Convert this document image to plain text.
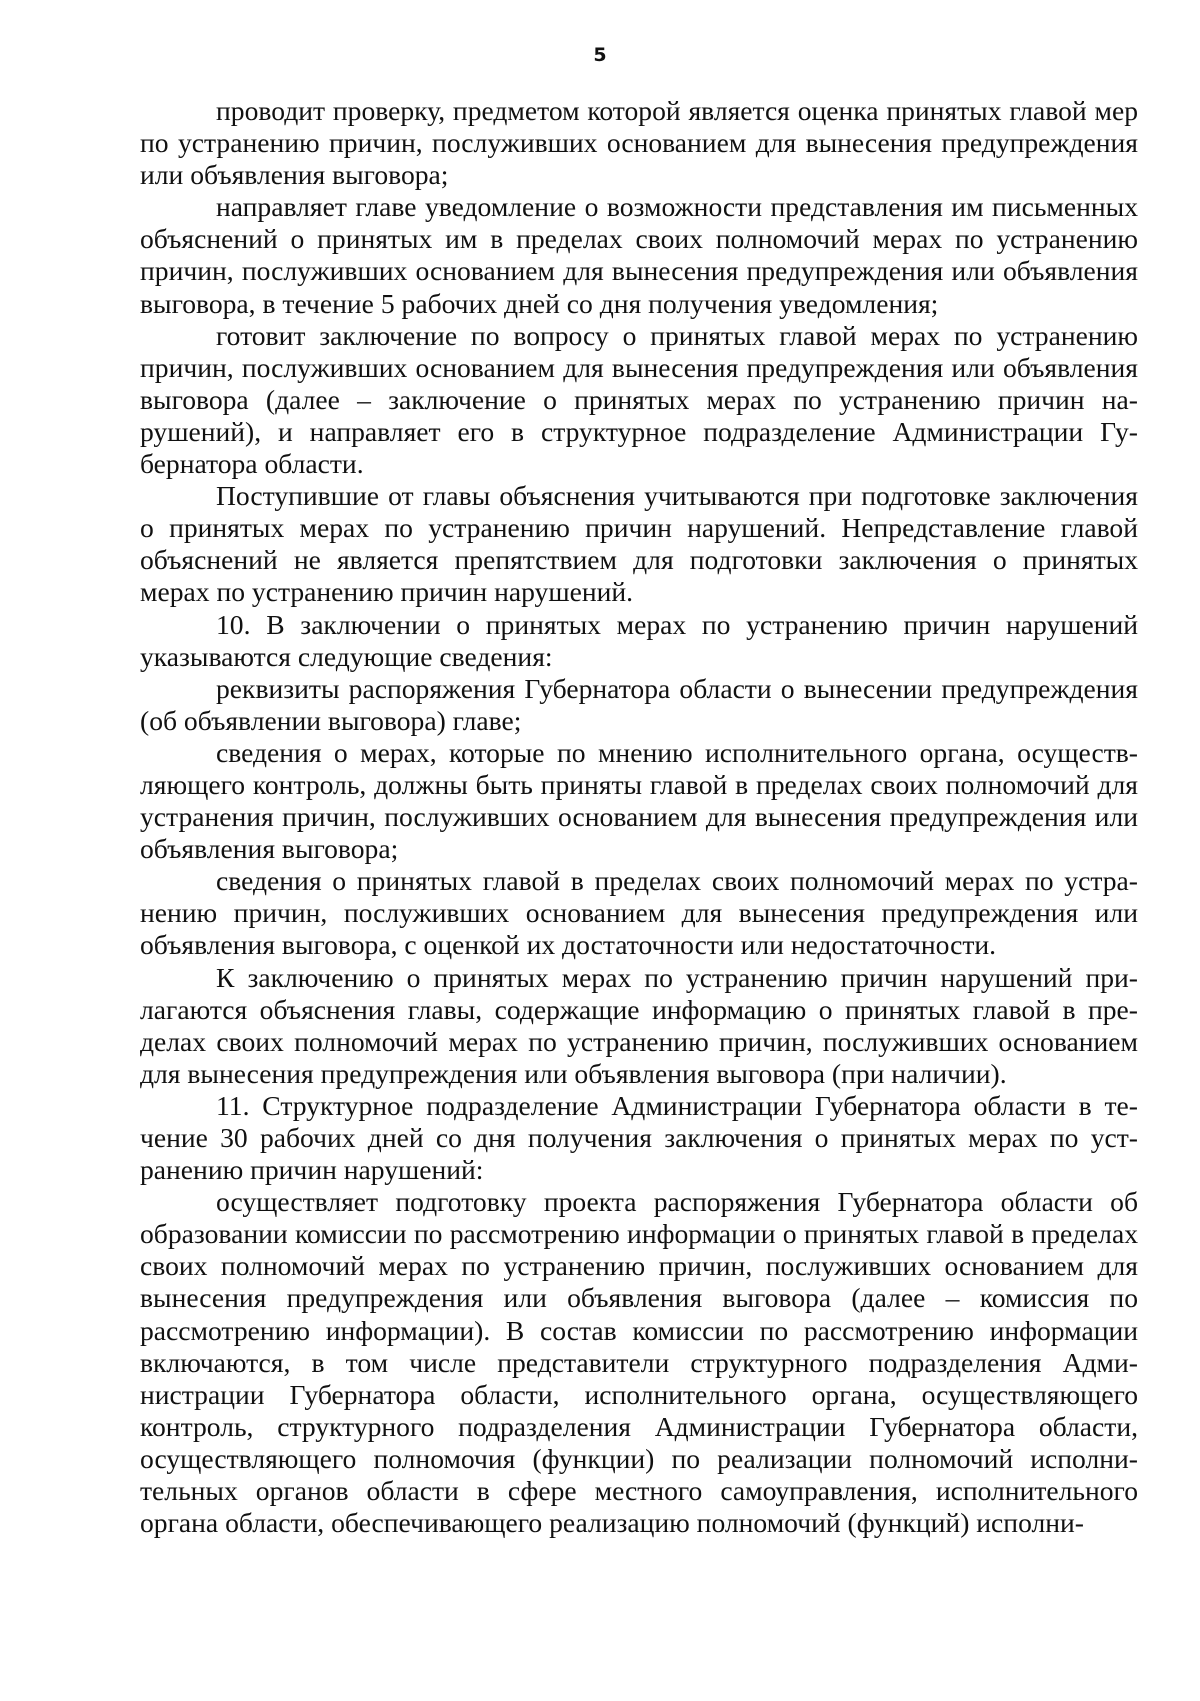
5

проводит проверку, предметом которой является оценка принятых главой мер по устранению причин, послуживших основанием для вынесения предупреждения или объявления выговора;

направляет главе уведомление о возможности представления им письменных объяснений о принятых им в пределах своих полномочий мерах по устранению причин, послуживших основанием для вынесения предупреждения или объявления выговора, в течение 5 рабочих дней со дня получения уведомления;

готовит заключение по вопросу о принятых главой мерах по устранению причин, послуживших основанием для вынесения предупреждения или объявления выговора (далее – заключение о принятых мерах по устранению причин нарушений), и направляет его в структурное подразделение Администрации Губернатора области.

Поступившие от главы объяснения учитываются при подготовке заключения о принятых мерах по устранению причин нарушений. Непредставление главой объяснений не является препятствием для подготовки заключения о принятых мерах по устранению причин нарушений.

10. В заключении о принятых мерах по устранению причин нарушений указываются следующие сведения:

реквизиты распоряжения Губернатора области о вынесении предупреждения (об объявлении выговора) главе;

сведения о мерах, которые по мнению исполнительного органа, осуществляющего контроль, должны быть приняты главой в пределах своих полномочий для устранения причин, послуживших основанием для вынесения предупреждения или объявления выговора;

сведения о принятых главой в пределах своих полномочий мерах по устранению причин, послуживших основанием для вынесения предупреждения или объявления выговора, с оценкой их достаточности или недостаточности.

К заключению о принятых мерах по устранению причин нарушений прилагаются объяснения главы, содержащие информацию о принятых главой в пределах своих полномочий мерах по устранению причин, послуживших основанием для вынесения предупреждения или объявления выговора (при наличии).

11. Структурное подразделение Администрации Губернатора области в течение 30 рабочих дней со дня получения заключения о принятых мерах по устранению причин нарушений:

осуществляет подготовку проекта распоряжения Губернатора области об образовании комиссии по рассмотрению информации о принятых главой в пределах своих полномочий мерах по устранению причин, послуживших основанием для вынесения предупреждения или объявления выговора (далее – комиссия по рассмотрению информации). В состав комиссии по рассмотрению информации включаются, в том числе представители структурного подразделения Администрации Губернатора области, исполнительного органа, осуществляющего контроль, структурного подразделения Администрации Губернатора области, осуществляющего полномочия (функции) по реализации полномочий исполнительных органов области в сфере местного самоуправления, исполнительного органа области, обеспечивающего реализацию полномочий (функций) исполни-
